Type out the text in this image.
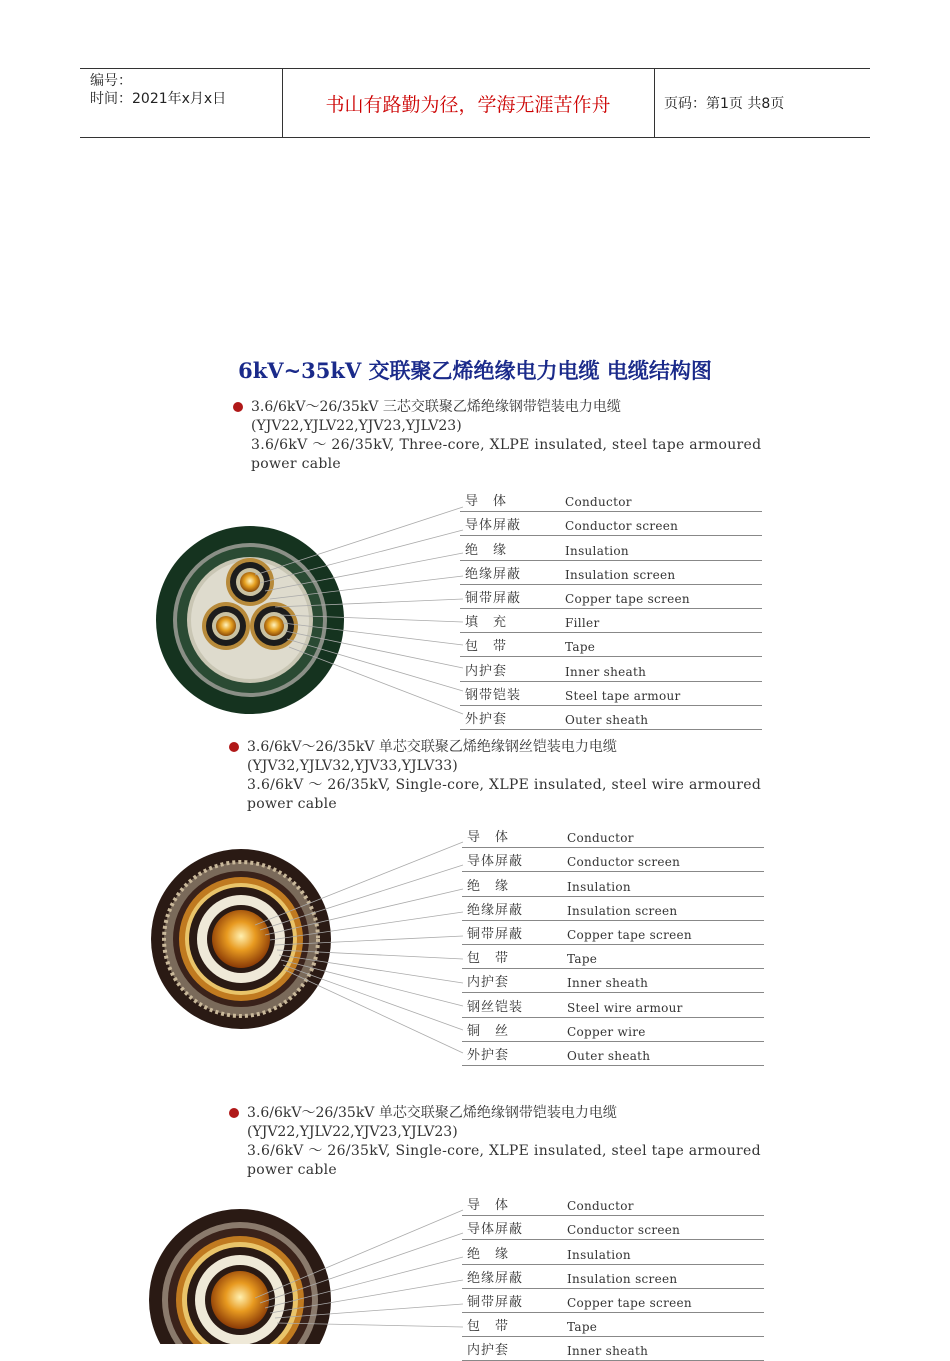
编号：
时间：2021年x月x日	书山有路勤为径，学海无涯苦作舟	页码：第1页 共8页
6kV~35kV 交联聚乙烯绝缘电力电缆 电缆结构图
3.6/6kV～26/35kV 三芯交联聚乙烯绝缘钢带铠装电力电缆
(YJV22,YJLV22,YJV23,YJLV23)
3.6/6kV ～ 26/35kV, Three-core, XLPE insulated, steel tape armoured
power cable
导　体	Conductor
导体屏蔽	Conductor screen
绝　缘	Insulation
绝缘屏蔽	Insulation screen
铜带屏蔽	Copper tape screen
填　充	Filler
包　带	Tape
内护套	Inner sheath
钢带铠装	Steel tape armour
外护套	Outer sheath
3.6/6kV～26/35kV 单芯交联聚乙烯绝缘钢丝铠装电力电缆
(YJV32,YJLV32,YJV33,YJLV33)
3.6/6kV ～ 26/35kV, Single-core, XLPE insulated, steel wire armoured
power cable
导　体	Conductor
导体屏蔽	Conductor screen
绝　缘	Insulation
绝缘屏蔽	Insulation screen
铜带屏蔽	Copper tape screen
包　带	Tape
内护套	Inner sheath
钢丝铠装	Steel wire armour
铜　丝	Copper wire
外护套	Outer sheath
3.6/6kV～26/35kV 单芯交联聚乙烯绝缘钢带铠装电力电缆
(YJV22,YJLV22,YJV23,YJLV23)
3.6/6kV ～ 26/35kV, Single-core, XLPE insulated, steel tape armoured
power cable
导　体	Conductor
导体屏蔽	Conductor screen
绝　缘	Insulation
绝缘屏蔽	Insulation screen
铜带屏蔽	Copper tape screen
包　带	Tape
内护套	Inner sheath
